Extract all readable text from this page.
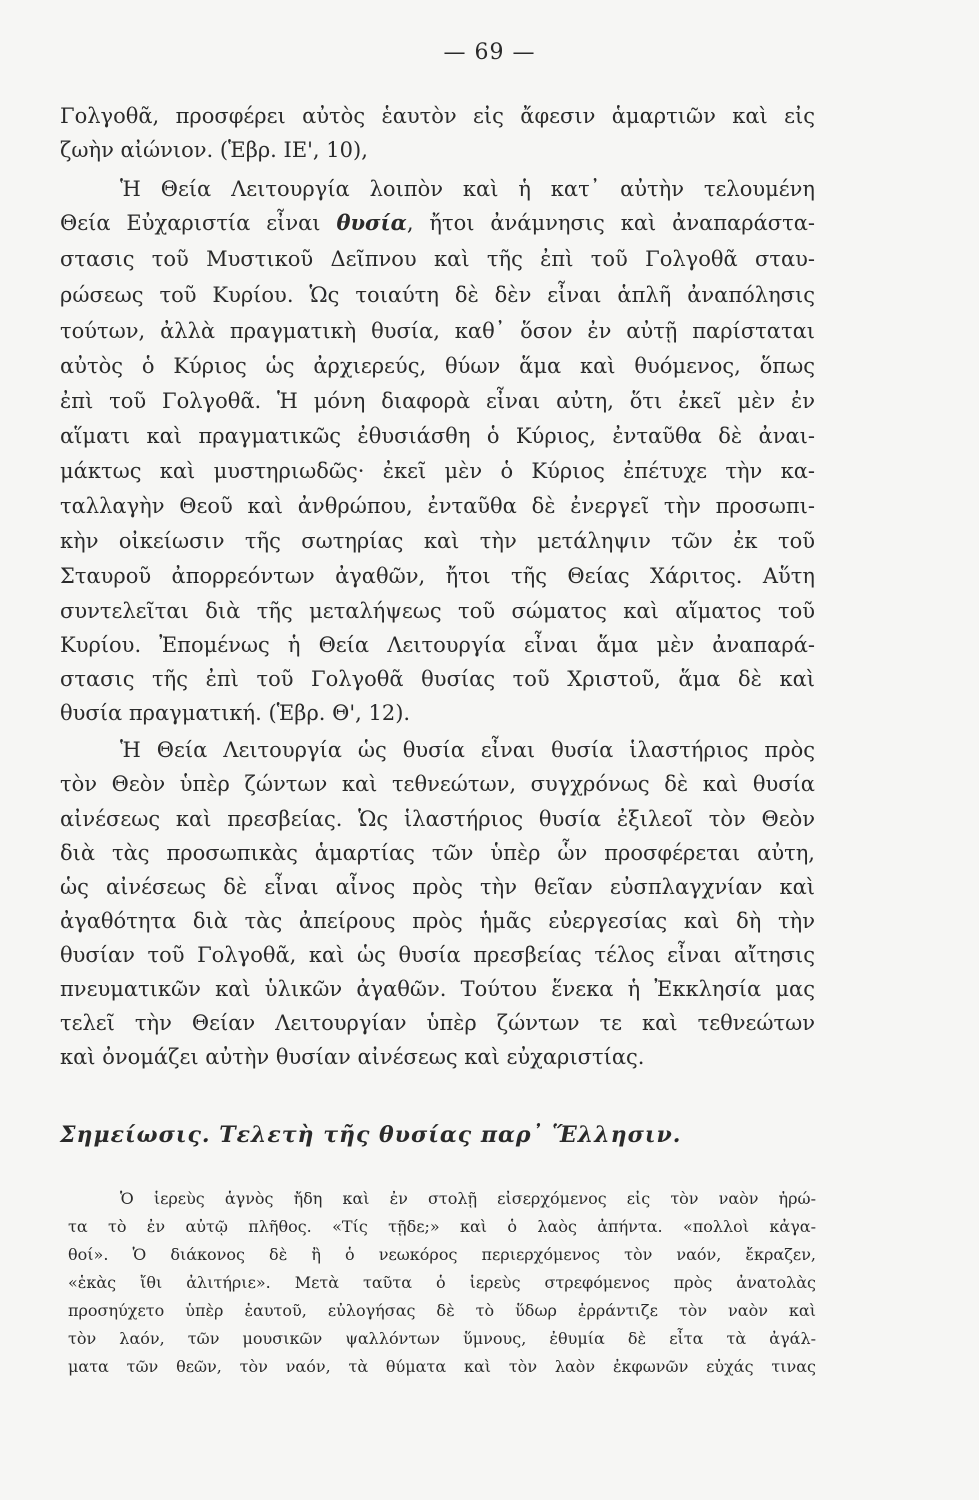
— 69 —

Γολγοθᾶ, προσφέρει αὐτὸς ἑαυτὸν εἰς ἄφεσιν ἁμαρτιῶν καὶ εἰς

ζωὴν αἰώνιον. (Ἑβρ. ΙΕ', 10),

Ἡ Θεία Λειτουργία λοιπὸν καὶ ἡ κατ᾽ αὐτὴν τελουμένη

Θεία Εὐχαριστία εἶναι θυσία, ἤτοι ἀνάμνησις καὶ ἀναπαράστα-

στασις τοῦ Μυστικοῦ Δεῖπνου καὶ τῆς ἐπὶ τοῦ Γολγοθᾶ σταυ-

ρώσεως τοῦ Κυρίου. Ὡς τοιαύτη δὲ δὲν εἶναι ἁπλῆ ἀναπόλησις

τούτων, ἀλλὰ πραγματικὴ θυσία, καθ᾽ ὅσον ἐν αὐτῇ παρίσταται

αὐτὸς ὁ Κύριος ὡς ἀρχιερεύς, θύων ἅμα καὶ θυόμενος, ὅπως

ἐπὶ τοῦ Γολγοθᾶ. Ἡ μόνη διαφορὰ εἶναι αὐτη, ὅτι ἐκεῖ μὲν ἐν

αἵματι καὶ πραγματικῶς ἐθυσιάσθη ὁ Κύριος, ἐνταῦθα δὲ ἀναι-

μάκτως καὶ μυστηριωδῶς· ἐκεῖ μὲν ὁ Κύριος ἐπέτυχε τὴν κα-

ταλλαγὴν Θεοῦ καὶ ἀνθρώπου, ἐνταῦθα δὲ ἐνεργεῖ τὴν προσωπι-

κὴν οἰκείωσιν τῆς σωτηρίας καὶ τὴν μετάληψιν τῶν ἐκ τοῦ

Σταυροῦ ἀπορρεόντων ἀγαθῶν, ἤτοι τῆς Θείας Χάριτος. Αὕτη

συντελεῖται διὰ τῆς μεταλήψεως τοῦ σώματος καὶ αἵματος τοῦ

Κυρίου. Ἐπομένως ἡ Θεία Λειτουργία εἶναι ἅμα μὲν ἀναπαρά-

στασις τῆς ἐπὶ τοῦ Γολγοθᾶ θυσίας τοῦ Χριστοῦ, ἅμα δὲ καὶ

θυσία πραγματική. (Ἑβρ. Θ', 12).

Ἡ Θεία Λειτουργία ὡς θυσία εἶναι θυσία ἱλαστήριος πρὸς

τὸν Θεὸν ὑπὲρ ζώντων καὶ τεθνεώτων, συγχρόνως δὲ καὶ θυσία

αἰνέσεως καὶ πρεσβείας. Ὡς ἱλαστήριος θυσία ἐξιλεοῖ τὸν Θεὸν

διὰ τὰς προσωπικὰς ἁμαρτίας τῶν ὑπὲρ ὧν προσφέρεται αὐτη,

ὡς αἰνέσεως δὲ εἶναι αἶνος πρὸς τὴν θεῖαν εὐσπλαγχνίαν καὶ

ἀγαθότητα διὰ τὰς ἀπείρους πρὸς ἡμᾶς εὐεργεσίας καὶ δὴ τὴν

θυσίαν τοῦ Γολγοθᾶ, καὶ ὡς θυσία πρεσβείας τέλος εἶναι αἴτησις

πνευματικῶν καὶ ὑλικῶν ἀγαθῶν. Τούτου ἕνεκα ἡ Ἐκκλησία μας

τελεῖ τὴν Θείαν Λειτουργίαν ὑπὲρ ζώντων τε καὶ τεθνεώτων

καὶ ὀνομάζει αὐτὴν θυσίαν αἰνέσεως καὶ εὐχαριστίας.

Σημείωσις. Τελετὴ τῆς θυσίας παρ᾽ Ἕλλησιν.

Ὁ ἱερεὺς ἁγνὸς ἤδη καὶ ἐν στολῇ εἰσερχόμενος εἰς τὸν ναὸν ἠρώ-

τα τὸ ἐν αὐτῷ πλῆθος. «Τίς τῇδε;» καὶ ὁ λαὸς ἀπήντα. «πολλοὶ κἀγα-

θοί». Ὁ διάκονος δὲ ἢ ὁ νεωκόρος περιερχόμενος τὸν ναόν, ἔκραζεν,

«ἑκὰς ἴθι ἀλιτήριε». Μετὰ ταῦτα ὁ ἱερεὺς στρεφόμενος πρὸς ἀνατολὰς

προσηύχετο ὑπὲρ ἑαυτοῦ, εὐλογήσας δὲ τὸ ὕδωρ ἐρράντιζε τὸν ναὸν καὶ

τὸν λαόν, τῶν μουσικῶν ψαλλόντων ὕμνους, ἐθυμία δὲ εἶτα τὰ ἀγάλ-

ματα τῶν θεῶν, τὸν ναόν, τὰ θύματα καὶ τὸν λαὸν ἐκφωνῶν εὐχάς τινας
